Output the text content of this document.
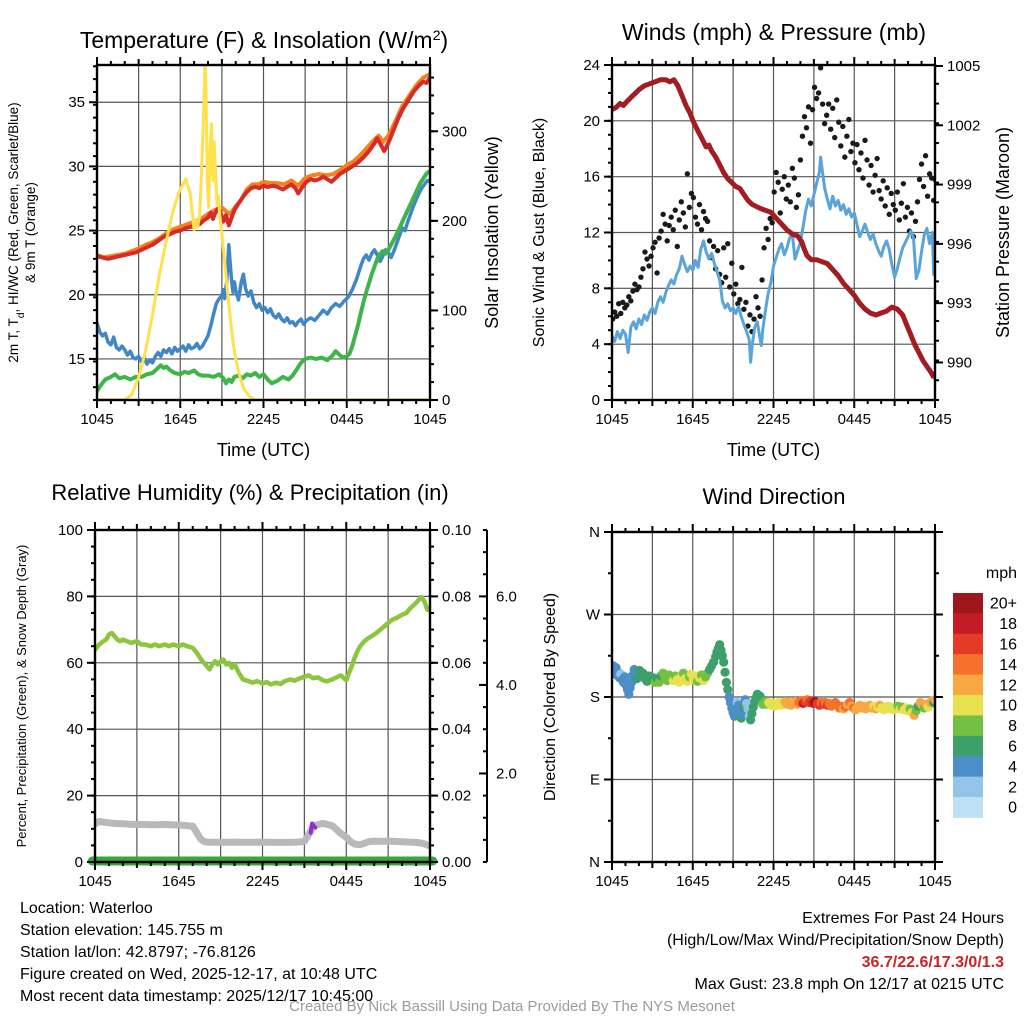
1045	1645	2245	0445	1045
Time (UTC)
15
20
25
30
35
2m T, $T_d$, HI/WC (Red, Green, Scarlet/Blue) & 9m T (Orange)
0
100
200
300
Solar Insolation (Yellow)
Temperature (F) & Insolation $(W/m^2)$
1045	1645	2245	0445	1045
Time (UTC)
0
4
8
12
16
20
24
Sonic Wind & Gust (Blue, Black)
990
993
996
999
1002
1005
Station Pressure (Maroon)
Winds (mph) & Pressure (mb)
1045	1645	2245	0445	1045
0
20
40
60
80
100
Percent, Precipitation (Green), & Snow Depth (Gray)
0.00
0.02
0.04
0.06
0.08
0.10
2.0
4.0
6.0
Relative Humidity (%) & Precipitation (in)
1045	1645	2245	0445	1045
N
E
S
W
N
Direction (Colored By Speed)
mph
20+
18
16
14
12
10
8
6
4
2
0
Wind Direction
Location: Waterloo
Station elevation: 145.755 m
Station lat/lon: 42.8797; -76.8126
Figure created on Wed, 2025-12-17, at 10:48 UTC
Most recent data timestamp: 2025/12/17 10:45:00
Extremes For Past 24 Hours
(High/Low/Max Wind/Precipitation/Snow Depth)
36.7/22.6/17.3/0/1.3
Max Gust: 23.8 mph On 12/17 at 0215 UTC
Created By Nick Bassill Using Data Provided By The NYS Mesonet
